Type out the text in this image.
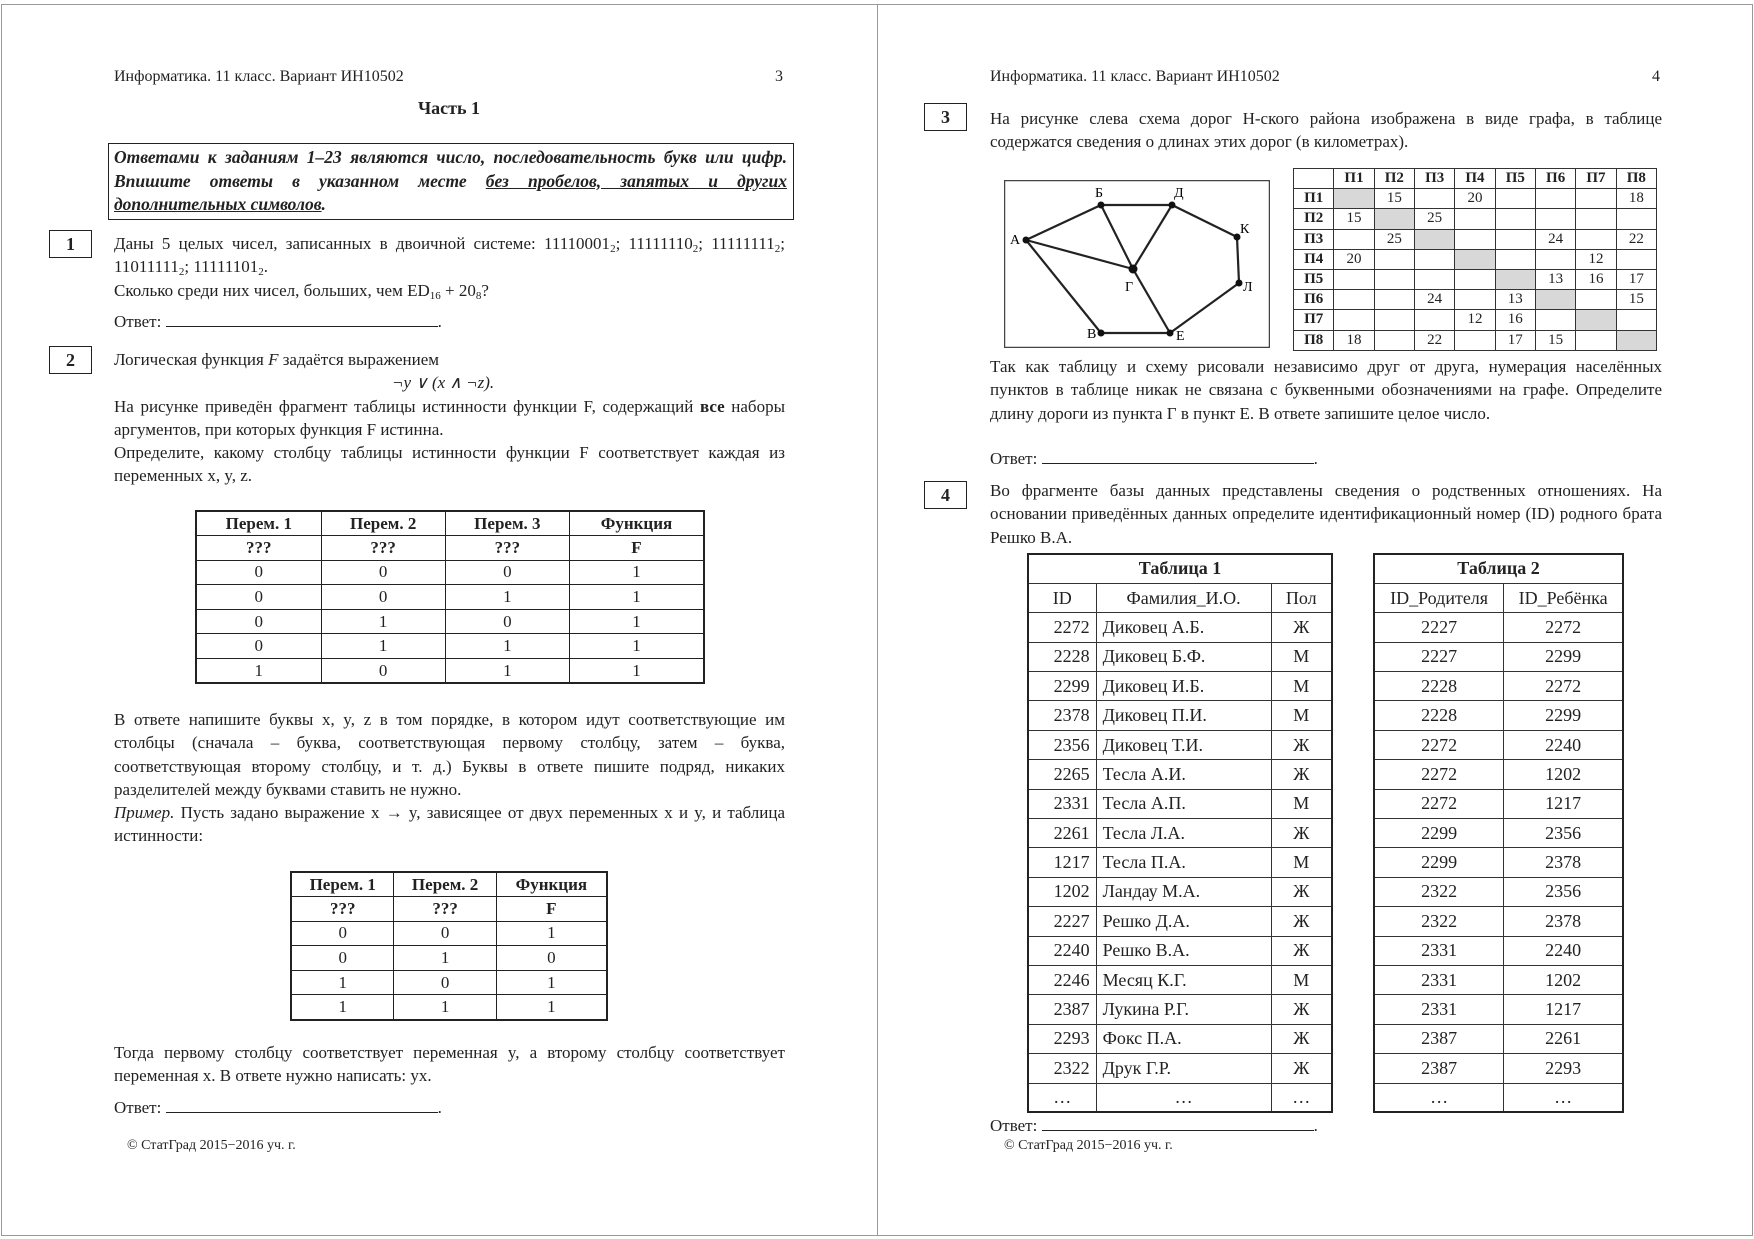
Информатика. 11 класс. Вариант ИН10502	3
Часть 1
Ответами к заданиям 1–23 являются число, последовательность букв или цифр. Впишите ответы в указанном месте без пробелов, запятых и других дополнительных символов.
1	Даны 5 целых чисел, записанных в двоичной системе: $11110001_2$; $11111110_2$; $11111111_2$; $11011111_2$; $11111101_2$.
Сколько среди них чисел, больших, чем $ED_{16} + 20_8$?
Ответ:	.
2	Логическая функция F задаётся выражением
¬y ∨ (x ∧ ¬z).
На рисунке приведён фрагмент таблицы истинности функции F, содержащий все наборы аргументов, при которых функция F истинна.
Определите, какому столбцу таблицы истинности функции F соответствует каждая из переменных x, y, z.
Перем. 1	Перем. 2	Перем. 3	Функция
???	???	???	F
0	0	0	1
0	0	1	1
0	1	0	1
0	1	1	1
1	0	1	1
В ответе напишите буквы x, y, z в том порядке, в котором идут соответствующие им столбцы (сначала – буква, соответствующая первому столбцу, затем – буква, соответствующая второму столбцу, и т. д.) Буквы в ответе пишите подряд, никаких разделителей между буквами ставить не нужно.
Пример. Пусть задано выражение x → y, зависящее от двух переменных x и y, и таблица истинности:
Перем. 1	Перем. 2	Функция
???	???	F
0	0	1
0	1	0
1	0	1
1	1	1
Тогда первому столбцу соответствует переменная y, а второму столбцу соответствует переменная x. В ответе нужно написать: yx.
Ответ:	.
© СтатГрад 2015−2016 уч. г.
Информатика. 11 класс. Вариант ИН10502	4
3	На рисунке слева схема дорог Н-ского района изображена в виде графа, в таблице содержатся сведения о длинах этих дорог (в километрах).
А
Б
В
Г
Д
Е
К
Л
	П1	П2	П3	П4	П5	П6	П7	П8
П1		15		20				18
П2	15		25					
П3		25				24		22
П4	20						12	
П5						13	16	17
П6			24		13			15
П7				12	16			
П8	18		22		17	15		
Так как таблицу и схему рисовали независимо друг от друга, нумерация населённых пунктов в таблице никак не связана с буквенными обозначениями на графе. Определите длину дороги из пункта Г в пункт Е. В ответе запишите целое число.
Ответ:	.
4	Во фрагменте базы данных представлены сведения о родственных отношениях. На основании приведённых данных определите идентификационный номер (ID) родного брата Решко В.А.
Таблица 1		
ID	Фамилия_И.О.	Пол
2272	Диковец А.Б.	Ж
2228	Диковец Б.Ф.	М
2299	Диковец И.Б.	М
2378	Диковец П.И.	М
2356	Диковец Т.И.	Ж
2265	Тесла А.И.	Ж
2331	Тесла А.П.	М
2261	Тесла Л.А.	Ж
1217	Тесла П.А.	М
1202	Ландау М.А.	Ж
2227	Решко Д.А.	Ж
2240	Решко В.А.	Ж
2246	Месяц К.Г.	М
2387	Лукина Р.Г.	Ж
2293	Фокс П.А.	Ж
2322	Друк Г.Р.	Ж
…	…	…
Таблица 2	
ID_Родителя	ID_Ребёнка
2227	2272
2227	2299
2228	2272
2228	2299
2272	2240
2272	1202
2272	1217
2299	2356
2299	2378
2322	2356
2322	2378
2331	2240
2331	1202
2331	1217
2387	2261
2387	2293
…	…
Ответ:	.
© СтатГрад 2015−2016 уч. г.
